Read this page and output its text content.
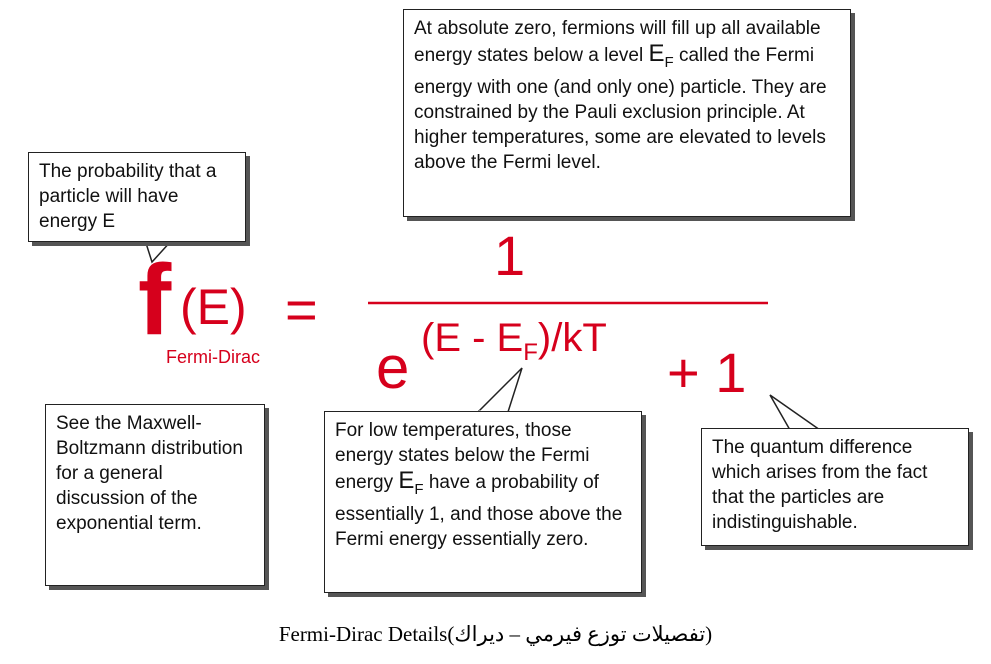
The probability that a particle will have energy E

At absolute zero, fermions will fill up all available energy states below a level $E_F$ called the Fermi energy with one (and only one) particle. They are constrained by the Pauli exclusion principle. At higher temperatures, some are elevated to levels above the Fermi level.

f (E)
Fermi-Dirac
=
1
e $(E - E_F)/kT$
+ 1

See the Maxwell-Boltzmann distribution for a general discussion of the exponential term.

For low temperatures, those energy states below the Fermi energy $E_F$ have a probability of essentially 1, and those above the Fermi energy essentially zero.

The quantum difference which arises from the fact that the particles are indistinguishable.

Fermi-Dirac Details(تفصيلات توزع فيرمي – ديراك)
